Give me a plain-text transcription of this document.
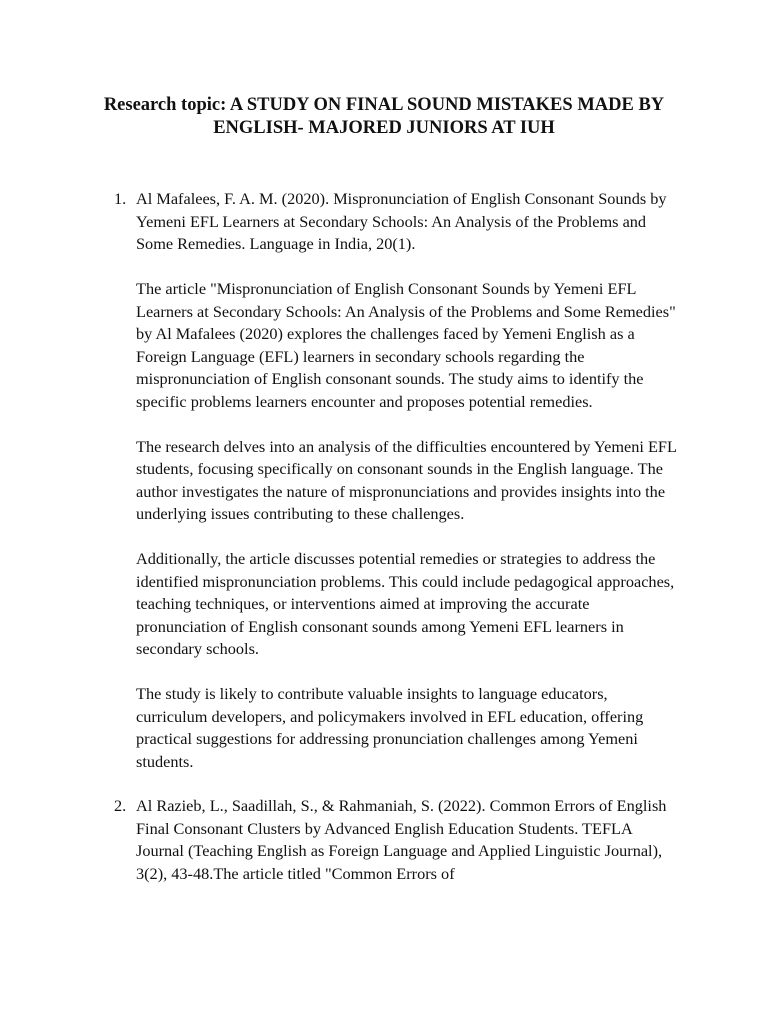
Research topic: A STUDY ON FINAL SOUND MISTAKES MADE BY ENGLISH- MAJORED JUNIORS AT IUH
1. Al Mafalees, F. A. M. (2020). Mispronunciation of English Consonant Sounds by Yemeni EFL Learners at Secondary Schools: An Analysis of the Problems and Some Remedies. Language in India, 20(1).

The article "Mispronunciation of English Consonant Sounds by Yemeni EFL Learners at Secondary Schools: An Analysis of the Problems and Some Remedies" by Al Mafalees (2020) explores the challenges faced by Yemeni English as a Foreign Language (EFL) learners in secondary schools regarding the mispronunciation of English consonant sounds. The study aims to identify the specific problems learners encounter and proposes potential remedies.

The research delves into an analysis of the difficulties encountered by Yemeni EFL students, focusing specifically on consonant sounds in the English language. The author investigates the nature of mispronunciations and provides insights into the underlying issues contributing to these challenges.

Additionally, the article discusses potential remedies or strategies to address the identified mispronunciation problems. This could include pedagogical approaches, teaching techniques, or interventions aimed at improving the accurate pronunciation of English consonant sounds among Yemeni EFL learners in secondary schools.

The study is likely to contribute valuable insights to language educators, curriculum developers, and policymakers involved in EFL education, offering practical suggestions for addressing pronunciation challenges among Yemeni students.

2. Al Razieb, L., Saadillah, S., & Rahmaniah, S. (2022). Common Errors of English Final Consonant Clusters by Advanced English Education Students. TEFLA Journal (Teaching English as Foreign Language and Applied Linguistic Journal), 3(2), 43-48.The article titled "Common Errors of
